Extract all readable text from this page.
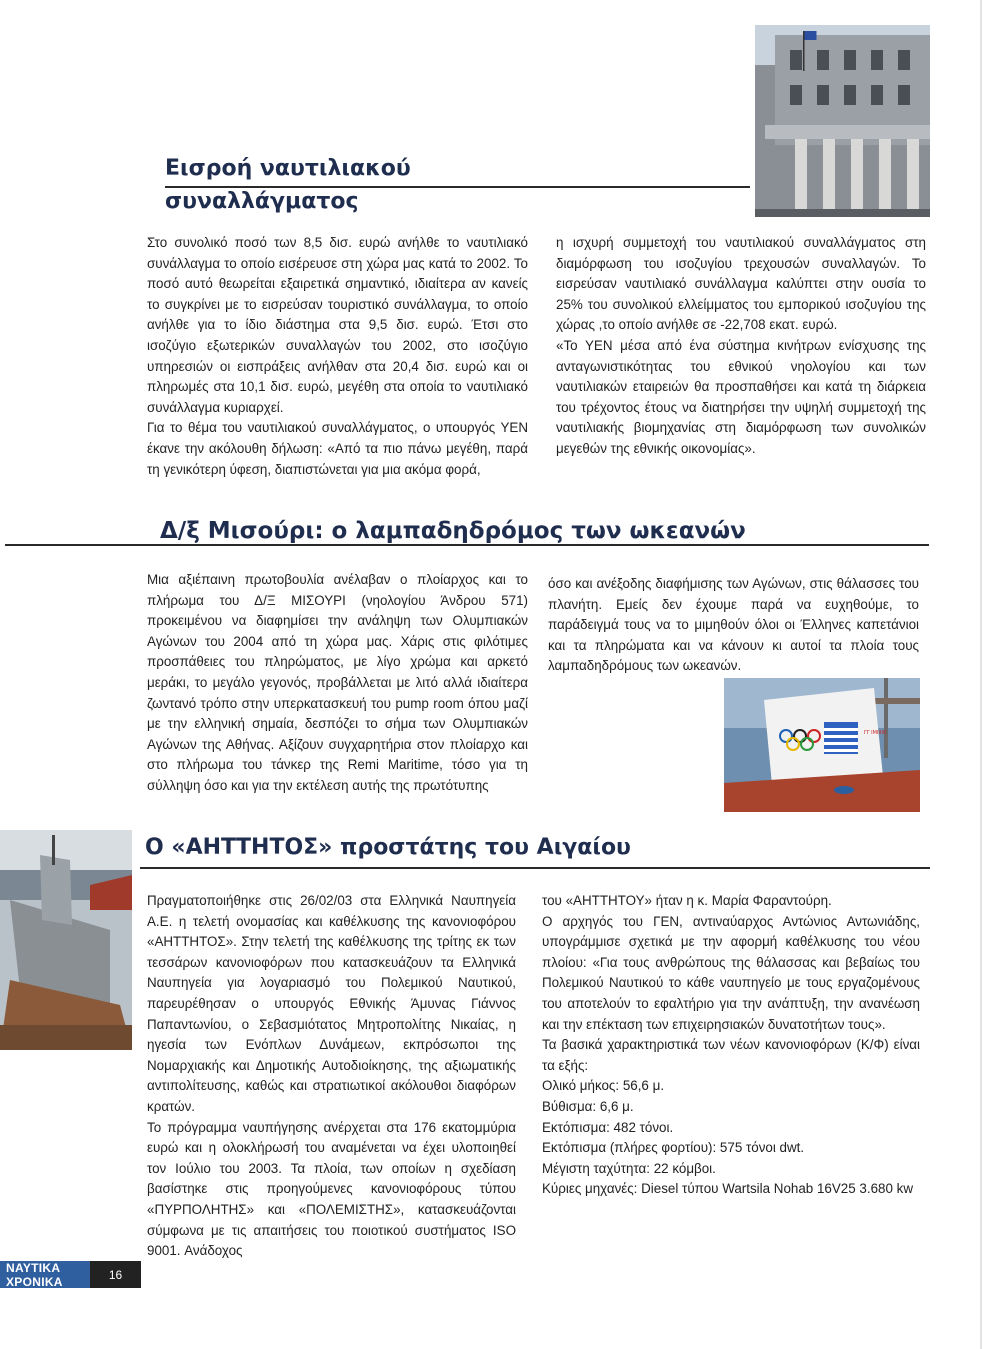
Εισροή ναυτιλιακού
συναλλάγματος

Στο συνολικό ποσό των 8,5 δισ. ευρώ ανήλθε το ναυτιλιακό συνάλλαγμα το οποίο εισέρευσε στη χώρα μας κατά το 2002. Το ποσό αυτό θεωρείται εξαιρετικά σημαντικό, ιδιαίτερα αν κανείς το συγκρίνει με το εισρεύσαν τουριστικό συνάλλαγμα, το οποίο ανήλθε για το ίδιο διάστημα στα 9,5 δισ. ευρώ. Έτσι στο ισοζύγιο εξωτερικών συναλλαγών του 2002, στο ισοζύγιο υπηρεσιών οι εισπράξεις ανήλθαν στα 20,4 δισ. ευρώ και οι πληρωμές στα 10,1 δισ. ευρώ, μεγέθη στα οποία το ναυτιλιακό συνάλλαγμα κυριαρχεί.

Για το θέμα του ναυτιλιακού συναλλάγματος, ο υπουργός ΥΕΝ έκανε την ακόλουθη δήλωση: «Από τα πιο πάνω μεγέθη, παρά τη γενικότερη ύφεση, διαπιστώνεται για μια ακόμα φορά,

η ισχυρή συμμετοχή του ναυτιλιακού συναλλάγματος στη διαμόρφωση του ισοζυγίου τρεχουσών συναλλαγών. Το εισρεύσαν ναυτιλιακό συνάλλαγμα καλύπτει στην ουσία το 25% του συνολικού ελλείμματος του εμπορικού ισοζυγίου της χώρας ,το οποίο ανήλθε σε -22,708 εκατ. ευρώ.

«Το ΥΕΝ μέσα από ένα σύστημα κινήτρων ενίσχυσης της ανταγωνιστικότητας του εθνικού νηολογίου και των ναυτιλιακών εταιρειών θα προσπαθήσει και κατά τη διάρκεια του τρέχοντος έτους να διατηρήσει την υψηλή συμμετοχή της ναυτιλιακής βιομηχανίας στη διαμόρφωση των συνολικών μεγεθών της εθνικής οικονομίας».

Δ/ξ Μισούρι: ο λαμπαδηδρόμος των ωκεανών

Μια αξιέπαινη πρωτοβουλία ανέλαβαν ο πλοίαρχος και το πλήρωμα του Δ/Ξ ΜΙΣΟΥΡΙ (νηολογίου Άνδρου 571) προκειμένου να διαφημίσει την ανάληψη των Ολυμπιακών Αγώνων του 2004 από τη χώρα μας. Χάρις στις φιλότιμες προσπάθειες του πληρώματος, με λίγο χρώμα και αρκετό μεράκι, το μεγάλο γεγονός, προβάλλεται με λιτό αλλά ιδιαίτερα ζωντανό τρόπο στην υπερκατασκευή του pump room όπου μαζί με την ελληνική σημαία, δεσπόζει το σήμα των Ολυμπιακών Αγώνων της Αθήνας. Αξίζουν συγχαρητήρια στον πλοίαρχο και στο πλήρωμα του τάνκερ της Remi Maritime, τόσο για τη σύλληψη όσο και για την εκτέλεση αυτής της πρωτότυπης

όσο και ανέξοδης διαφήμισης των Αγώνων, στις θάλασσες του πλανήτη. Εμείς δεν έχουμε παρά να ευχηθούμε, το παράδειγμά τους να το μιμηθούν όλοι οι Έλληνες καπετάνιοι και τα πληρώματα και να κάνουν κι αυτοί τα πλοία τους λαμπαδηδρόμους των ωκεανών.

ΓΓ ΙΜΙΙΙΙΙΙ
Ο «ΑΗΤΤΗΤΟΣ» προστάτης του Αιγαίου

Πραγματοποιήθηκε στις 26/02/03 στα Ελληνικά Ναυπηγεία Α.Ε. η τελετή ονομασίας και καθέλκυσης της κανονιοφόρου «ΑΗΤΤΗΤΟΣ». Στην τελετή της καθέλκυσης της τρίτης εκ των τεσσάρων κανονιοφόρων που κατασκευάζουν τα Ελληνικά Ναυπηγεία για λογαριασμό του Πολεμικού Ναυτικού, παρευρέθησαν ο υπουργός Εθνικής Άμυνας Γιάννος Παπαντωνίου, ο Σεβασμιότατος Μητροπολίτης Νικαίας, η ηγεσία των Ενόπλων Δυνάμεων, εκπρόσωποι της Νομαρχιακής και Δημοτικής Αυτοδιοίκησης, της αξιωματικής αντιπολίτευσης, καθώς και στρατιωτικοί ακόλουθοι διαφόρων κρατών.

Το πρόγραμμα ναυπήγησης ανέρχεται στα 176 εκατομμύρια ευρώ και η ολοκλήρωσή του αναμένεται να έχει υλοποιηθεί τον Ιούλιο του 2003. Τα πλοία, των οποίων η σχεδίαση βασίστηκε στις προηγούμενες κανονιοφόρους τύπου «ΠΥΡΠΟΛΗΤΗΣ» και «ΠΟΛΕΜΙΣΤΗΣ», κατασκευάζονται σύμφωνα με τις απαιτήσεις του ποιοτικού συστήματος ISO 9001. Ανάδοχος

του «ΑΗΤΤΗΤΟΥ» ήταν η κ. Μαρία Φαραντούρη.

Ο αρχηγός του ΓΕΝ, αντιναύαρχος Αντώνιος Αντωνιάδης, υπογράμμισε σχετικά με την αφορμή καθέλκυσης του νέου πλοίου: «Για τους ανθρώπους της θάλασσας και βεβαίως του Πολεμικού Ναυτικού το κάθε ναυπηγείο με τους εργαζομένους του αποτελούν το εφαλτήριο για την ανάπτυξη, την ανανέωση και την επέκταση των επιχειρησιακών δυνατοτήτων τους».

Τα βασικά χαρακτηριστικά των νέων κανονιοφόρων (Κ/Φ) είναι τα εξής:

Ολικό μήκος: 56,6 μ.

Βύθισμα: 6,6 μ.

Εκτόπισμα: 482 τόνοι.

Εκτόπισμα (πλήρες φορτίου): 575 τόνοι dwt.

Μέγιστη ταχύτητα: 22 κόμβοι.

Κύριες μηχανές: Diesel τύπου Wartsila Nohab 16V25 3.680 kw

ΝΑΥΤΙΚΑ ΧΡΟΝΙΚΑ	16
